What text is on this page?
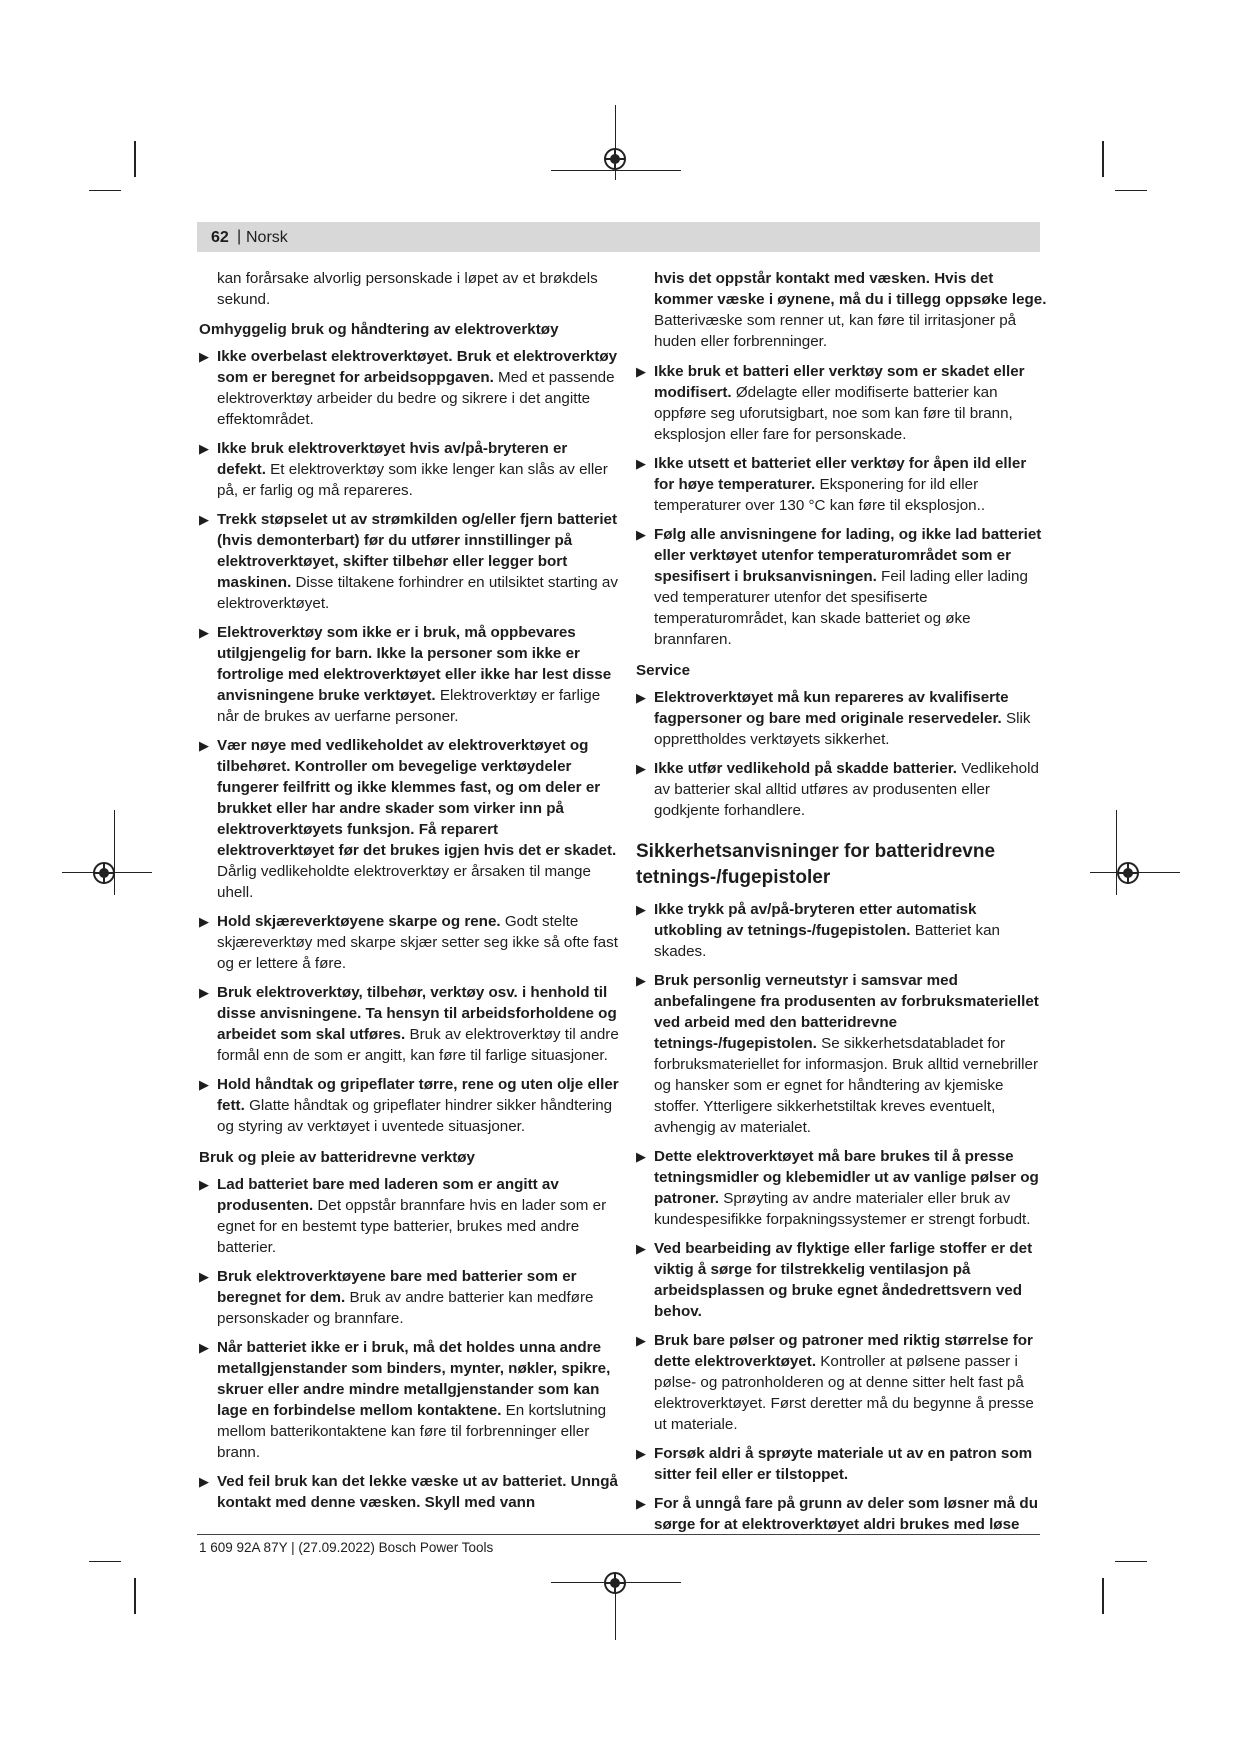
62 | Norsk

kan forårsake alvorlig personskade i løpet av et brøkdels sekund.

Omhyggelig bruk og håndtering av elektroverktøy

▶ Ikke overbelast elektroverktøyet. Bruk et elektroverktøy som er beregnet for arbeidsoppgaven. Med et passende elektroverktøy arbeider du bedre og sikrere i det angitte effektområdet.
▶ Ikke bruk elektroverktøyet hvis av/på-bryteren er defekt. Et elektroverktøy som ikke lenger kan slås av eller på, er farlig og må repareres.
▶ Trekk støpselet ut av strømkilden og/eller fjern batteriet (hvis demonterbart) før du utfører innstillinger på elektroverktøyet, skifter tilbehør eller legger bort maskinen. Disse tiltakene forhindrer en utilsiktet starting av elektroverktøyet.
▶ Elektroverktøy som ikke er i bruk, må oppbevares utilgjengelig for barn. Ikke la personer som ikke er fortrolige med elektroverktøyet eller ikke har lest disse anvisningene bruke verktøyet. Elektroverktøy er farlige når de brukes av uerfarne personer.
▶ Vær nøye med vedlikeholdet av elektroverktøyet og tilbehøret. Kontroller om bevegelige verktøydeler fungerer feilfritt og ikke klemmes fast, og om deler er brukket eller har andre skader som virker inn på elektroverktøyets funksjon. Få reparert elektroverktøyet før det brukes igjen hvis det er skadet. Dårlig vedlikeholdte elektroverktøy er årsaken til mange uhell.
▶ Hold skjæreverktøyene skarpe og rene. Godt stelte skjæreverktøy med skarpe skjær setter seg ikke så ofte fast og er lettere å føre.
▶ Bruk elektroverktøy, tilbehør, verktøy osv. i henhold til disse anvisningene. Ta hensyn til arbeidsforholdene og arbeidet som skal utføres. Bruk av elektroverktøy til andre formål enn de som er angitt, kan føre til farlige situasjoner.
▶ Hold håndtak og gripeflater tørre, rene og uten olje eller fett. Glatte håndtak og gripeflater hindrer sikker håndtering og styring av verktøyet i uventede situasjoner.

Bruk og pleie av batteridrevne verktøy

▶ Lad batteriet bare med laderen som er angitt av produsenten. Det oppstår brannfare hvis en lader som er egnet for en bestemt type batterier, brukes med andre batterier.
▶ Bruk elektroverktøyene bare med batterier som er beregnet for dem. Bruk av andre batterier kan medføre personskader og brannfare.
▶ Når batteriet ikke er i bruk, må det holdes unna andre metallgjenstander som binders, mynter, nøkler, spikre, skruer eller andre mindre metallgjenstander som kan lage en forbindelse mellom kontaktene. En kortslutning mellom batterikontaktene kan føre til forbrenninger eller brann.
▶ Ved feil bruk kan det lekke væske ut av batteriet. Unngå kontakt med denne væsken. Skyll med vann

hvis det oppstår kontakt med væsken. Hvis det kommer væske i øynene, må du i tillegg oppsøke lege. Batterivæske som renner ut, kan føre til irritasjoner på huden eller forbrenninger.

▶ Ikke bruk et batteri eller verktøy som er skadet eller modifisert. Ødelagte eller modifiserte batterier kan oppføre seg uforutsigbart, noe som kan føre til brann, eksplosjon eller fare for personskade.
▶ Ikke utsett et batteriet eller verktøy for åpen ild eller for høye temperaturer. Eksponering for ild eller temperaturer over 130 °C kan føre til eksplosjon..
▶ Følg alle anvisningene for lading, og ikke lad batteriet eller verktøyet utenfor temperaturområdet som er spesifisert i bruksanvisningen. Feil lading eller lading ved temperaturer utenfor det spesifiserte temperaturområdet, kan skade batteriet og øke brannfaren.

Service

▶ Elektroverktøyet må kun repareres av kvalifiserte fagpersoner og bare med originale reservedeler. Slik opprettholdes verktøyets sikkerhet.
▶ Ikke utfør vedlikehold på skadde batterier. Vedlikehold av batterier skal alltid utføres av produsenten eller godkjente forhandlere.

Sikkerhetsanvisninger for batteridrevne tetnings-/fugepistoler

▶ Ikke trykk på av/på-bryteren etter automatisk utkobling av tetnings-/fugepistolen. Batteriet kan skades.
▶ Bruk personlig verneutstyr i samsvar med anbefalingene fra produsenten av forbruksmateriellet ved arbeid med den batteridrevne tetnings-/fugepistolen. Se sikkerhetsdatabladet for forbruksmateriellet for informasjon. Bruk alltid vernebriller og hansker som er egnet for håndtering av kjemiske stoffer. Ytterligere sikkerhetstiltak kreves eventuelt, avhengig av materialet.
▶ Dette elektroverktøyet må bare brukes til å presse tetningsmidler og klebemidler ut av vanlige pølser og patroner. Sprøyting av andre materialer eller bruk av kundespesifikke forpakningssystemer er strengt forbudt.
▶ Ved bearbeiding av flyktige eller farlige stoffer er det viktig å sørge for tilstrekkelig ventilasjon på arbeidsplassen og bruke egnet åndedrettsvern ved behov.
▶ Bruk bare pølser og patroner med riktig størrelse for dette elektroverktøyet. Kontroller at pølsene passer i pølse- og patronholderen og at denne sitter helt fast på elektroverktøyet. Først deretter må du begynne å presse ut materiale.
▶ Forsøk aldri å sprøyte materiale ut av en patron som sitter feil eller er tilstoppet.
▶ For å unngå fare på grunn av deler som løsner må du sørge for at elektroverktøyet aldri brukes med løse
1 609 92A 87Y | (27.09.2022) Bosch Power Tools
